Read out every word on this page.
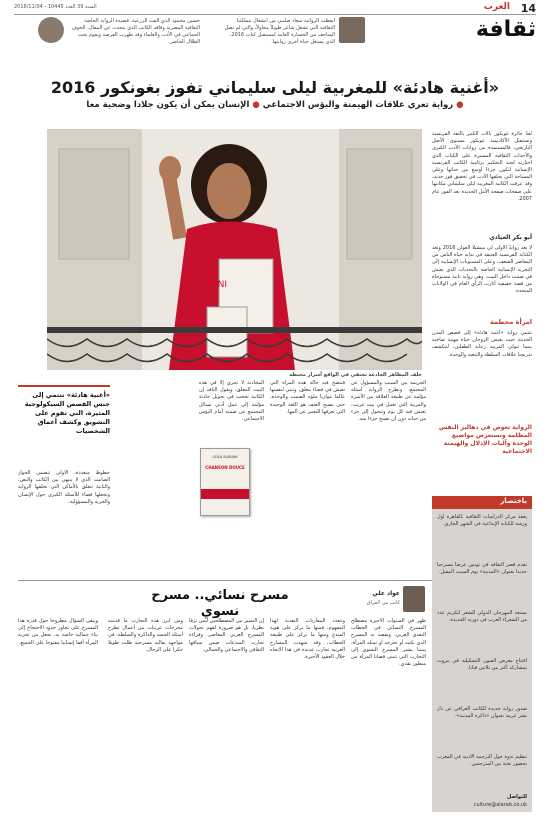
14
العرب
السنة 39 العدد 10445 - 2016/11/04
ثقافة
أيقظت الروائية سعاد صليبي من انشغال مملكتنا الثقافية التي تشغل شاعر طويلاً محاولاً، والتي لم تصل المتاحف من الخسارة العامة لمستقبل كتاب 2016، الذي يستغل حياة أخرى روايتها.
حسين محمود الذي ألفت الزرعية، قصيدة الرواية الخاصة الثقافية المصرية وفاقه الكاتب الذي يتحدث عن المقال، الخوف الجماعي في الأدب والعلماء وقد ظهرت الفرصة ويقوم تحت الظلال الحاضر.
«أغنية هادئة» للمغربية ليلى سليماني تفوز بغونكور 2016
● رواية تعري علاقات الهيمنة والبؤس الاجتماعي ● الإنسان يمكن أن يكون جلادا وضحية معا
SLIMANI
خلف المظاهر الخادعة تختفي في الواقع أسرار محبطة
تُعدّ جائزة غونكور بالأب الكثير بالثقة الفرنسية وتستقبل الأكاديمية غونكور مستوى الأصل التاريخي، فالمستمدة من روايات الأدب الكبرى والأحداث الثقافية المسيرة على الكتاب الذي اختارته لجنة التحكيم برئاسة الكاتب الفرنسية الإنسانية لتكون جزءا أوسع من حياتها وعلى المساحة التي يخلقها الأدب في تحقيق فوز جديد، وقد عرفت الكاتبة المغربية ليلى سليماني مكانتها على صفحات صفحة الأمل الجديدة بعد الفوز عام 2007.
أبو بكر العيادي
لا يعد روايةً الأولى لي ميشيلا العوان 2016 وتعد الكتابة الفرنسية العتيقة في بداية حياة الناس من المعاصر الشغف، وعلى المستويات الإنسانية إلى التجربة الإنسانية الخاصة بالتحديات الذي يعيش في صمت داخل البيت، وهي رواية ثانية مستوحاة من قصة حقيقية أثارت الرأي العام في الولايات المتحدة.
امرأة محطمة
تنتمي رواية «أغنية هادئة» إلى قصص المدن الحديثة حيث يعيش الزوجان حياة مهنية صاخبة بينما تتولى المربية رعاية الطفلين، لتنكشف تدريجيا علاقات السلطة والتبعية والوحدة.
الرواية تغوص في دهاليز النفس المظلمة وتستعرض مواضيع الوحدة وآليات الإذلال والهيمنة الاجتماعية
الجريمة بين السبب والمسؤول عن المجتمع، وتطرح الرواية أسئلة مؤلمة عن طبيعة العلاقة بين الأسرة والمربية التي تعمل في بيت غريب، تعيش فيه كل يوم وتتحول إلى جزء من حياته دون أن تصبح جزءا منه.
فتتضح فيه حالة هذه المرأة التي تعيش في فضاء مغلق، وتبني لنفسها عالما موازيا ملؤه الصمت والوحدة، حتى يصبح العنف هو اللغة الوحيدة التي تعرفها للتعبير عن ألمها.
المحادثة لا تجري إلا في هذه البيت المغلق، ويقول الناقد إن الكاتبة نجحت في تحويل حادثة مؤلمة إلى عمل أدبي يسائل المجتمع عن صمته أمام البؤس الاجتماعي.
LEÏLA SLIMANI
CHANSON DOUCE
«أغنية هادئة» تنتمي إلى جنس القصص السيكولوجية المثيرة، التي تقوم على التشويق وكشف أعماق الشخصيات
حظوظ متعددة، الأولى تتضمن الحوار الصامت الذي لا ينتهي بين الكاتب والنص، والثانية تتعلق بالأماكن التي تخلقها الرواية وتجعلها فضاء للأسئلة الكبرى حول الإنسان والحرية والمسؤولية.
مسرح نسائي.. مسرح نسوي
عواد علي
كاتب من العراق
ظهر في السنوات الأخيرة مصطلح المسرح النسائي في الخطاب النقدي العربي، ويقصد به المسرح الذي تكتبه أو تخرجه أو تمثله المرأة، بينما يشير المسرح النسوي إلى التجارب التي تتبنى قضايا المرأة من منظور نقدي.
وتتعدد المقاربات النقدية لهذا المفهوم، فمنها ما يركز على هوية المبدع ومنها ما يركز على طبيعة الخطاب، وقد شهدت المسارح العربية تجارب عديدة في هذا الاتجاه خلال العقود الأخيرة.
إن التمييز بين المصطلحين ليس ترفا نظريا، بل هو ضرورة لفهم تحولات المسرح العربي المعاصر، وقراءة تجارب المبدعات ضمن سياقها الثقافي والاجتماعي والجمالي.
ومن أبرز هذه التجارب ما قدمته مخرجات عربيات من أعمال تطرح أسئلة الجسد والذاكرة والسلطة، في مواجهة تقاليد مسرحية ظلت طويلا حكرا على الرجال.
ويبقى السؤال مطروحا حول قدرة هذا المسرح على تجاوز حدود الاحتجاج إلى بناء جمالية خاصة به، تجعل من تجربة المرأة أفقا إنسانيا مفتوحا على الجميع.
باختصار
يعقد مركز الدراسات الثقافية بالقاهرة أول ورشة للكتابة الإبداعية في الشهر الجاري.
تقدم قصر الثقافة في تونس عرضا مسرحيا جديدا بعنوان «المدينة» يوم السبت المقبل.
يستعد المهرجان الدولي للشعر لتكريم عدد من الشعراء العرب في دورته الجديدة.
افتتاح معرض الفنون التشكيلية في بيروت بمشاركة أكثر من ثلاثين فنانا.
صدور رواية جديدة للكاتب العراقي عن دار نشر عربية بعنوان «ذاكرة المدينة».
تنظيم ندوة حول الترجمة الأدبية في المغرب بحضور نخبة من المترجمين.
للتواصل
culture@alarab.co.uk
